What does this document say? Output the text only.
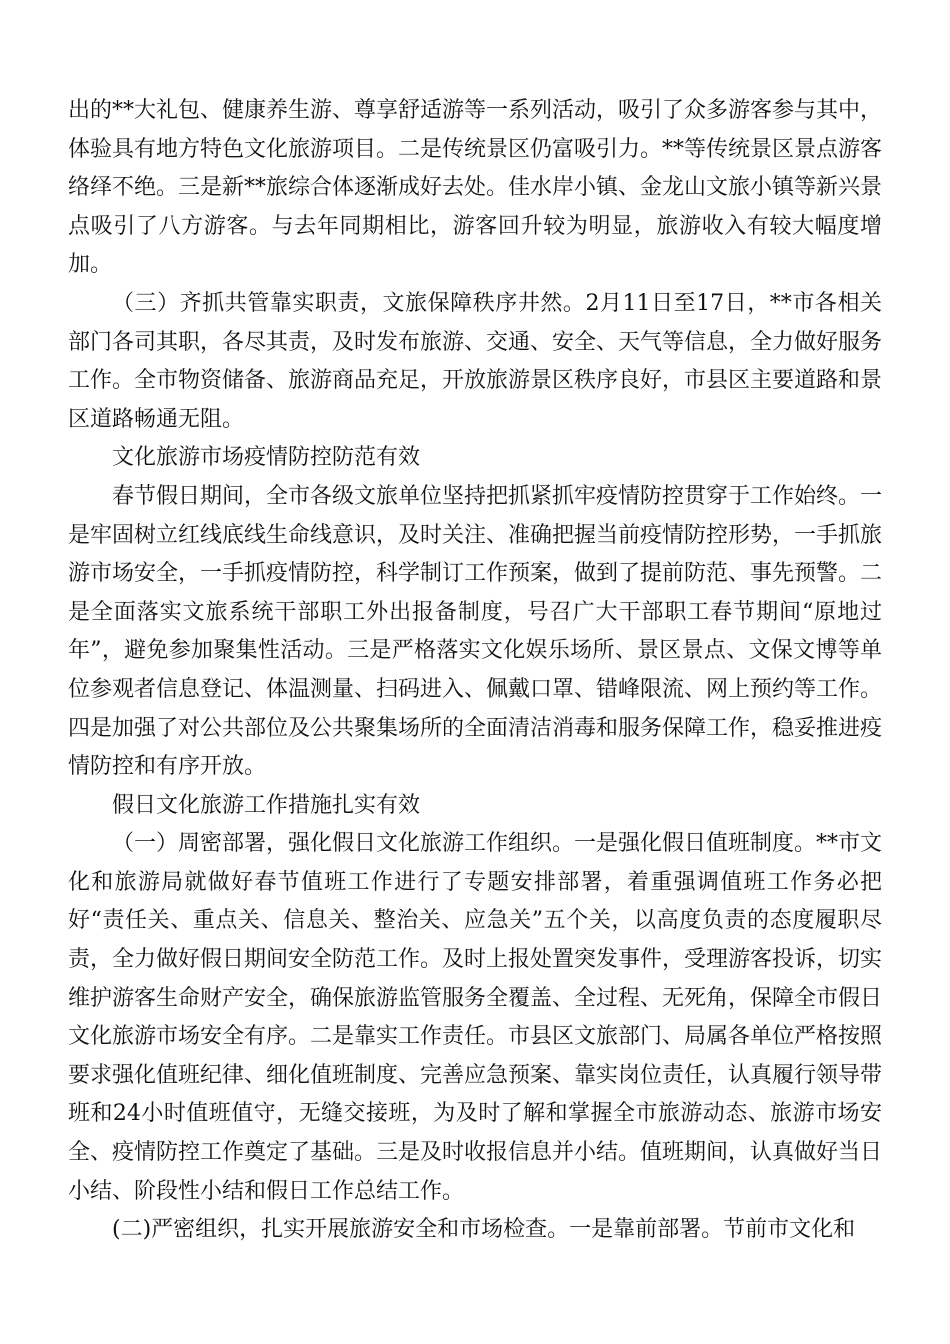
出的**大礼包、健康养生游、尊享舒适游等一系列活动，吸引了众多游客参与其中，体验具有地方特色文化旅游项目。二是传统景区仍富吸引力。**等传统景区景点游客络绎不绝。三是新**旅综合体逐渐成好去处。佳水岸小镇、金龙山文旅小镇等新兴景点吸引了八方游客。与去年同期相比，游客回升较为明显，旅游收入有较大幅度增加。

（三）齐抓共管靠实职责，文旅保障秩序井然。2月11日至17日，**市各相关部门各司其职，各尽其责，及时发布旅游、交通、安全、天气等信息，全力做好服务工作。全市物资储备、旅游商品充足，开放旅游景区秩序良好，市县区主要道路和景区道路畅通无阻。

文化旅游市场疫情防控防范有效

春节假日期间，全市各级文旅单位坚持把抓紧抓牢疫情防控贯穿于工作始终。一是牢固树立红线底线生命线意识，及时关注、准确把握当前疫情防控形势，一手抓旅游市场安全，一手抓疫情防控，科学制订工作预案，做到了提前防范、事先预警。二是全面落实文旅系统干部职工外出报备制度，号召广大干部职工春节期间“原地过年”，避免参加聚集性活动。三是严格落实文化娱乐场所、景区景点、文保文博等单位参观者信息登记、体温测量、扫码进入、佩戴口罩、错峰限流、网上预约等工作。四是加强了对公共部位及公共聚集场所的全面清洁消毒和服务保障工作，稳妥推进疫情防控和有序开放。

假日文化旅游工作措施扎实有效

（一）周密部署，强化假日文化旅游工作组织。一是强化假日值班制度。**市文化和旅游局就做好春节值班工作进行了专题安排部署，着重强调值班工作务必把好“责任关、重点关、信息关、整治关、应急关”五个关，以高度负责的态度履职尽责，全力做好假日期间安全防范工作。及时上报处置突发事件，受理游客投诉，切实维护游客生命财产安全，确保旅游监管服务全覆盖、全过程、无死角，保障全市假日文化旅游市场安全有序。二是靠实工作责任。市县区文旅部门、局属各单位严格按照要求强化值班纪律、细化值班制度、完善应急预案、靠实岗位责任，认真履行领导带班和24小时值班值守，无缝交接班，为及时了解和掌握全市旅游动态、旅游市场安全、疫情防控工作奠定了基础。三是及时收报信息并小结。值班期间，认真做好当日小结、阶段性小结和假日工作总结工作。

(二)严密组织，扎实开展旅游安全和市场检查。一是靠前部署。节前市文化和
